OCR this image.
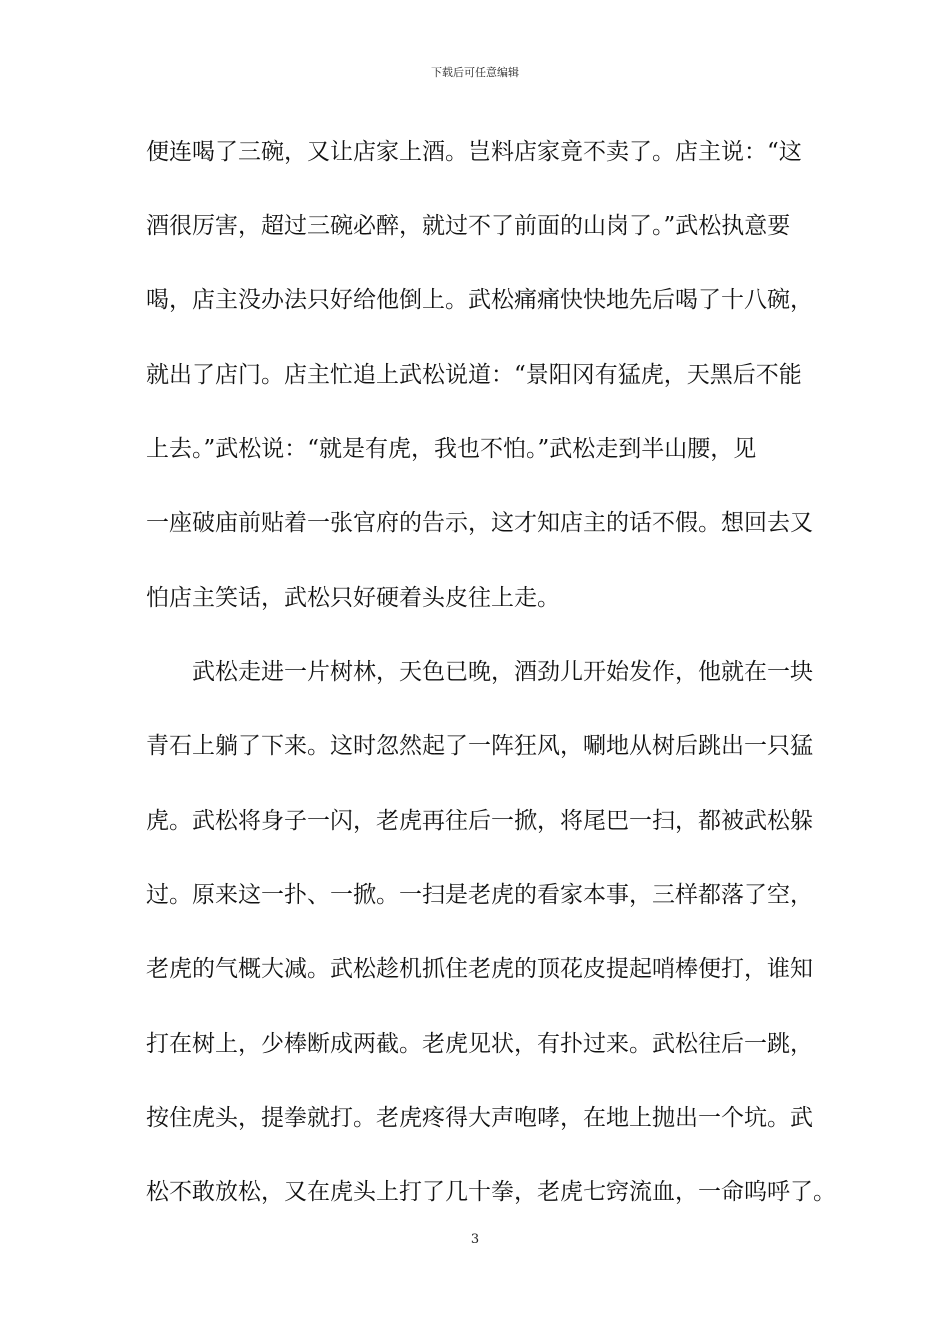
下载后可任意编辑
便连喝了三碗，又让店家上酒。岂料店家竟不卖了。店主说：“这
酒很厉害，超过三碗必醉，就过不了前面的山岗了。”武松执意要
喝，店主没办法只好给他倒上。武松痛痛快快地先后喝了十八碗，
就出了店门。店主忙追上武松说道：“景阳冈有猛虎，天黑后不能
上去。”武松说：“就是有虎，我也不怕。”武松走到半山腰，见
一座破庙前贴着一张官府的告示，这才知店主的话不假。想回去又
怕店主笑话，武松只好硬着头皮往上走。
武松走进一片树林，天色已晚，酒劲儿开始发作，他就在一块
青石上躺了下来。这时忽然起了一阵狂风，唰地从树后跳出一只猛
虎。武松将身子一闪，老虎再往后一掀，将尾巴一扫，都被武松躲
过。原来这一扑、一掀。一扫是老虎的看家本事，三样都落了空，
老虎的气概大减。武松趁机抓住老虎的顶花皮提起哨棒便打，谁知
打在树上，少棒断成两截。老虎见状，有扑过来。武松往后一跳，
按住虎头，提拳就打。老虎疼得大声咆哮，在地上抛出一个坑。武
松不敢放松，又在虎头上打了几十拳，老虎七窍流血，一命呜呼了。
3
